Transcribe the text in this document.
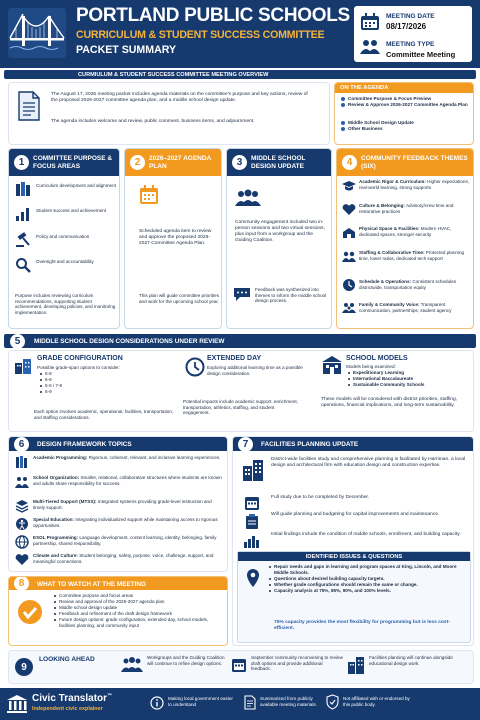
PORTLAND PUBLIC SCHOOLS
CURRICULUM & STUDENT SUCCESS COMMITTEE
PACKET SUMMARY
MEETING DATE
08/17/2026
MEETING TYPE
Committee Meeting
CURMIULUM & STUDENT SUCCESS COMMITTEE MEETING OVERVIEW
The August 17, 2026 meeting packet includes agenda materials on the committee's purpose and key actions, review of the proposed 2026-2027 committee agenda plan, and a middle school design update.
The agenda includes welcome and review, public comment, business items, and adjournment.
ON THE AGENDA
• Committee Purpose & Focus Preview
• Review & Approve 2026-2027 Committee Agenda Plan
• Middle School Design Update
• Other Business
1	COMMITTEE PURPOSE & FOCUS AREAS
Curriculum development and alignment
Student success and achievement
Policy and communication
Oversight and accountability
Purpose includes reviewing curriculum recommendations, supporting student achievement, developing policies, and monitoring implementation.
2	2026–2027 AGENDA PLAN
Scheduled agenda item to review and approve the proposed 2026-2027 Committee Agenda Plan.
This plan will guide committee priorities and work for the upcoming school year.
3	MIDDLE SCHOOL DESIGN UPDATE
Community engagement included two in-person sessions and two virtual sessions, plus input from a workgroup and the Guiding Coalition.
Feedback was synthesized into themes to inform the middle school design process.
4	COMMUNITY FEEDBACK THEMES (SIX)
Academic Rigor & Curriculum: Higher expectations, real-world learning, strong supports
Culture & Belonging: Advisory/crew time and restorative practices
Physical Space & Facilities: Modern HVAC, dedicated spaces, stronger security
Staffing & Collaborative Time: Protected planning time, lower ratios, dedicated tech support
Schedule & Operations: Consistent schedules districtwide, transportation equity
Family & Community Voice: Transparent communication, partnerships, student agency
5	MIDDLE SCHOOL DESIGN CONSIDERATIONS UNDER REVIEW
GRADE CONFIGURATION
Possible grade-span options to consider:
5-8
6-8
5-6 / 7-8
6-9
Each option involves academic, operational, facilities, transportation, and staffing considerations.
EXTENDED DAY
Exploring additional learning time as a possible design consideration.
Potential impacts include academic support, enrichment, transportation, athletics, staffing, and student engagement.
SCHOOL MODELS
Models being examined:
Expeditionary Learning
International Baccalaureate
Sustainable Community Schools
These models will be considered with district priorities, staffing, operations, financial implications, and long-term sustainability.
6	DESIGN FRAMEWORK TOPICS
Academic Programming: Rigorous, coherent, relevant, and inclusive learning experiences.
School Organization: Smaller, relational, collaborative structures where students are known and adults share responsibility for success.
Multi-Tiered Support (MTSS): Integrated systems providing grade-level instruction and timely support.
Special Education: Integrating individualized support while maintaining access to rigorous opportunities.
ESOL Programming: Language development, content learning, identity, belonging, family partnership, shared responsibility.
Climate and Culture: Student belonging, safety, purpose, voice, challenge, support, and meaningful connections.
8	WHAT TO WATCH AT THE MEETING
Committee purpose and focus areas
Review and approval of the 2026-2027 agenda plan
Middle school design update
Feedback and refinement of the draft design framework
Future design options: grade configuration, extended day, school models, facilities planning, and community input
7	FACILITIES PLANNING UPDATE
District-wide facilities study and comprehensive planning is facilitated by Harriman, a local design and architectural firm with education design and construction expertise.
Full study due to be completed by December.
Will guide planning and budgeting for capital improvements and maintenance.
Initial findings include the condition of middle schools, enrollment, and building capacity.
IDENTIFIED ISSUES & QUESTIONS
Repair needs and gaps in learning and program spaces at King, Lincoln, and Moore Middle Schools.
Questions about desired building capacity targets.
Whether grade configurations should remain the same or change.
Capacity analysis at 75%, 85%, 90%, and 100% levels.
75% capacity provides the most flexibility for programming but is less cost-efficient.
9
LOOKING AHEAD	Workgroups and the Guiding Coalition will continue to refine design options.
September community reconvening to review draft options and provide additional feedback.
Facilities planning will continue alongside educational design work.
Civic Translator™
Independent civic explainer
Making local government easier to understand
Summarized from publicly available meeting materials.
Not affiliated with or endorsed by this public body.
